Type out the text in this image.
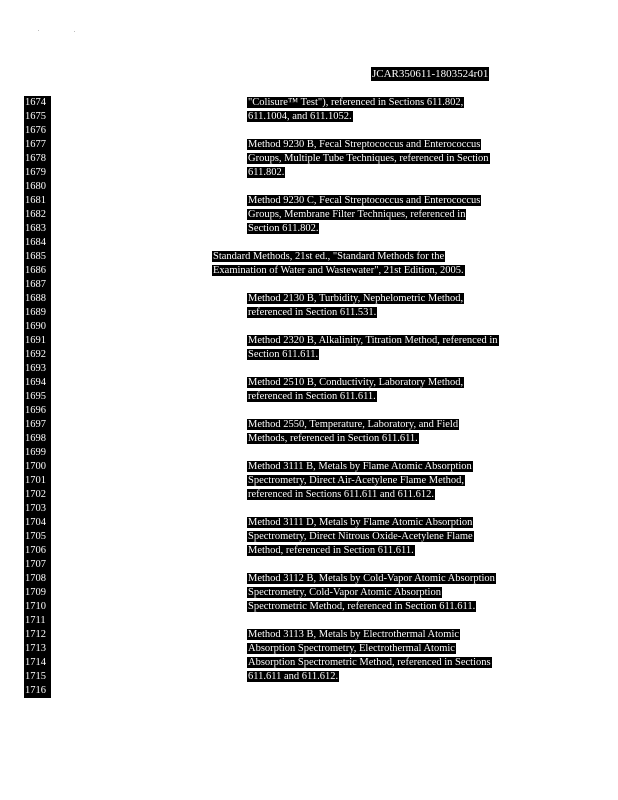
JCAR350611-1803524r01
1674
1675
1676
1677
1678
1679
1680
1681
1682
1683
1684
1685
1686
1687
1688
1689
1690
1691
1692
1693
1694
1695
1696
1697
1698
1699
1700
1701
1702
1703
1704
1705
1706
1707
1708
1709
1710
1711
1712
1713
1714
1715
1716
"Colisure™ Test"), referenced in Sections 611.802,
611.1004, and 611.1052.
Method 9230 B, Fecal Streptococcus and Enterococcus
Groups, Multiple Tube Techniques, referenced in Section
611.802.
Method 9230 C, Fecal Streptococcus and Enterococcus
Groups, Membrane Filter Techniques, referenced in
Section 611.802.
Standard Methods, 21st ed., "Standard Methods for the
Examination of Water and Wastewater", 21st Edition, 2005.
Method 2130 B, Turbidity, Nephelometric Method,
referenced in Section 611.531.
Method 2320 B, Alkalinity, Titration Method, referenced in
Section 611.611.
Method 2510 B, Conductivity, Laboratory Method,
referenced in Section 611.611.
Method 2550, Temperature, Laboratory, and Field
Methods, referenced in Section 611.611.
Method 3111 B, Metals by Flame Atomic Absorption
Spectrometry, Direct Air-Acetylene Flame Method,
referenced in Sections 611.611 and 611.612.
Method 3111 D, Metals by Flame Atomic Absorption
Spectrometry, Direct Nitrous Oxide-Acetylene Flame
Method, referenced in Section 611.611.
Method 3112 B, Metals by Cold-Vapor Atomic Absorption
Spectrometry, Cold-Vapor Atomic Absorption
Spectrometric Method, referenced in Section 611.611.
Method 3113 B, Metals by Electrothermal Atomic
Absorption Spectrometry, Electrothermal Atomic
Absorption Spectrometric Method, referenced in Sections
611.611 and 611.612.
